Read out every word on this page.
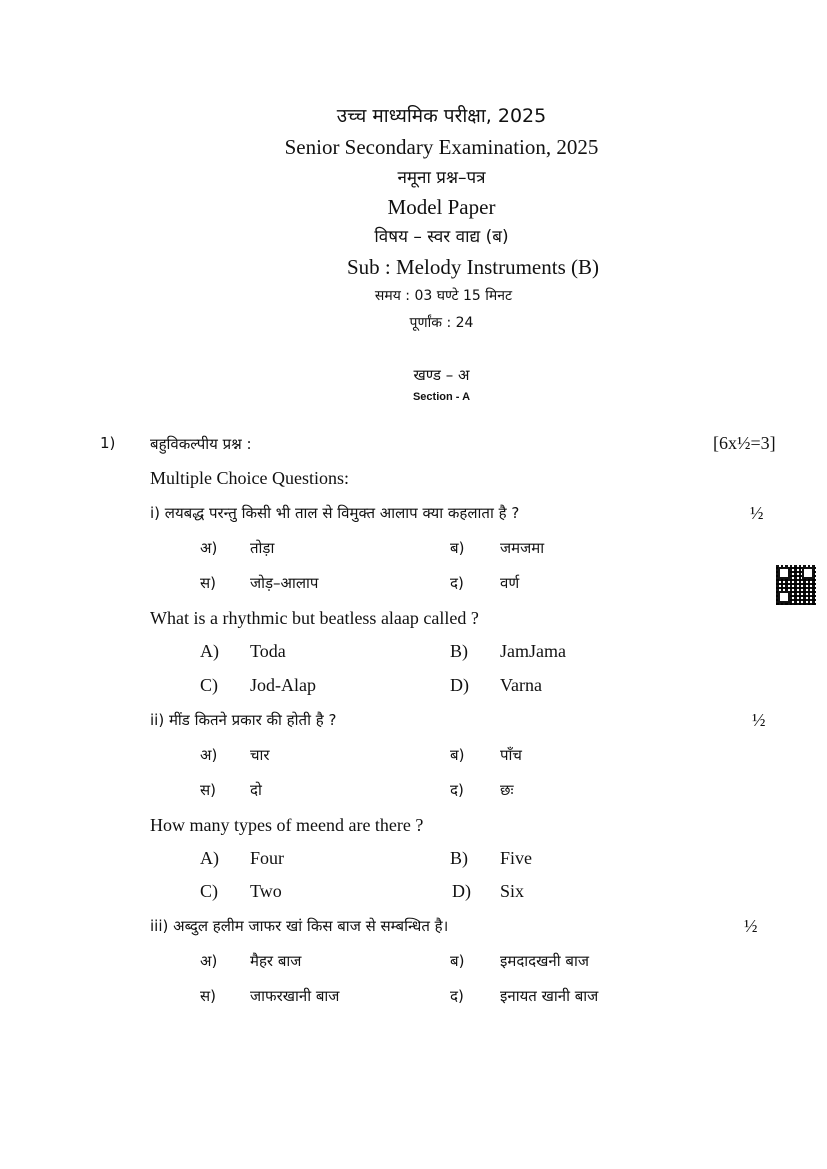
उच्च माध्यमिक परीक्षा, 2025
Senior Secondary Examination, 2025
नमूना प्रश्न–पत्र
Model Paper
विषय – स्वर वाद्य (ब)
Sub : Melody Instruments (B)
समय : 03 घण्टे 15 मिनट
पूर्णांक : 24
खण्ड – अ
Section - A
1) बहुविकल्पीय प्रश्न :	[6x½=3]
Multiple Choice Questions:
i) लयबद्ध परन्तु किसी भी ताल से विमुक्त आलाप क्या कहलाता है ?	½
अ) तोड़ा	ब) जमजमा
स) जोड़–आलाप	द) वर्ण
What is a rhythmic but beatless alaap called ?
A) Toda	B) JamJama
C) Jod-Alap	D) Varna
ii) मींड कितने प्रकार की होती है ?	½
अ) चार	ब) पाँच
स) दो	द) छः
How many types of meend are there ?
A) Four	B) Five
C) Two	D) Six
iii) अब्दुल हलीम जाफर खां किस बाज से सम्बन्धित है।	½
अ) मैहर बाज	ब) इमदादखनी बाज
स) जाफरखानी बाज	द) इनायत खानी बाज
